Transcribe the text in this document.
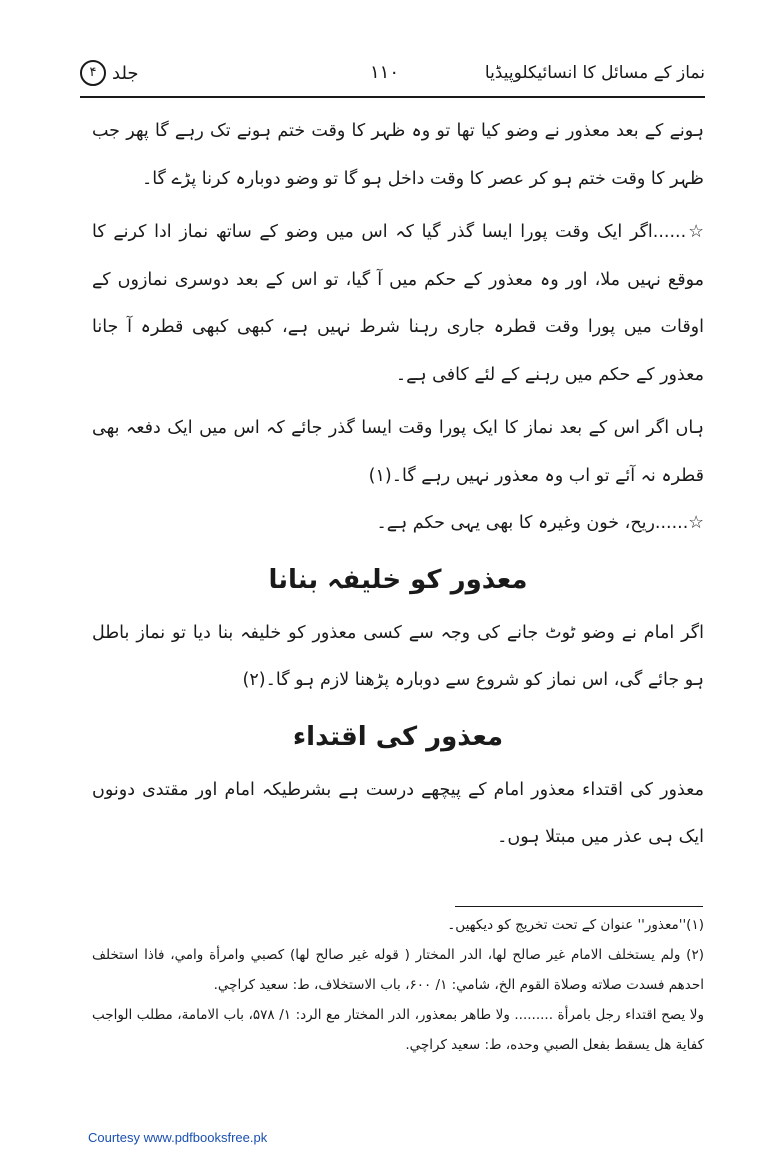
نماز کے مسائل کا انسائیکلوپیڈیا
۱۱۰
جلد
۴

ہونے کے بعد معذور نے وضو کیا تھا تو وہ ظہر کا وقت ختم ہونے تک رہے گا پھر جب ظہر کا وقت ختم ہو کر عصر کا وقت داخل ہو گا تو وضو دوبارہ کرنا پڑے گا۔

☆......اگر ایک وقت پورا ایسا گذر گیا کہ اس میں وضو کے ساتھ نماز ادا کرنے کا موقع نہیں ملا، اور وہ معذور کے حکم میں آ گیا، تو اس کے بعد دوسری نمازوں کے اوقات میں پورا وقت قطرہ جاری رہنا شرط نہیں ہے، کبھی کبھی قطرہ آ جانا معذور کے حکم میں رہنے کے لئے کافی ہے۔

ہاں اگر اس کے بعد نماز کا ایک پورا وقت ایسا گذر جائے کہ اس میں ایک دفعہ بھی قطرہ نہ آئے تو اب وہ معذور نہیں رہے گا۔(۱)

☆......ریح، خون وغیرہ کا بھی یہی حکم ہے۔

معذور کو خلیفہ بنانا

اگر امام نے وضو ٹوٹ جانے کی وجہ سے کسی معذور کو خلیفہ بنا دیا تو نماز باطل ہو جائے گی، اس نماز کو شروع سے دوبارہ پڑھنا لازم ہو گا۔(۲)

معذور کی اقتداء

معذور کی اقتداء معذور امام کے پیچھے درست ہے بشرطیکہ امام اور مقتدی دونوں ایک ہی عذر میں مبتلا ہوں۔

(۱)''معذور'' عنوان کے تحت تخریج کو دیکھیں۔

(۲) ولم يستخلف الامام غير صالح لها، الدر المختار ( قوله غير صالح لها) كصبي وامرأة وامي، فاذا استخلف احدهم فسدت صلاته وصلاة القوم الخ، شامي: ۱/ ۶۰۰، باب الاستخلاف، ط: سعيد كراچي.

ولا يصح اقتداء رجل بامرأة ......... ولا طاهر بمعذور، الدر المختار مع الرد: ۱/ ۵۷۸، باب الامامة، مطلب الواجب كفاية هل يسقط بفعل الصبي وحده، ط: سعيد كراچي.

Courtesy www.pdfbooksfree.pk
